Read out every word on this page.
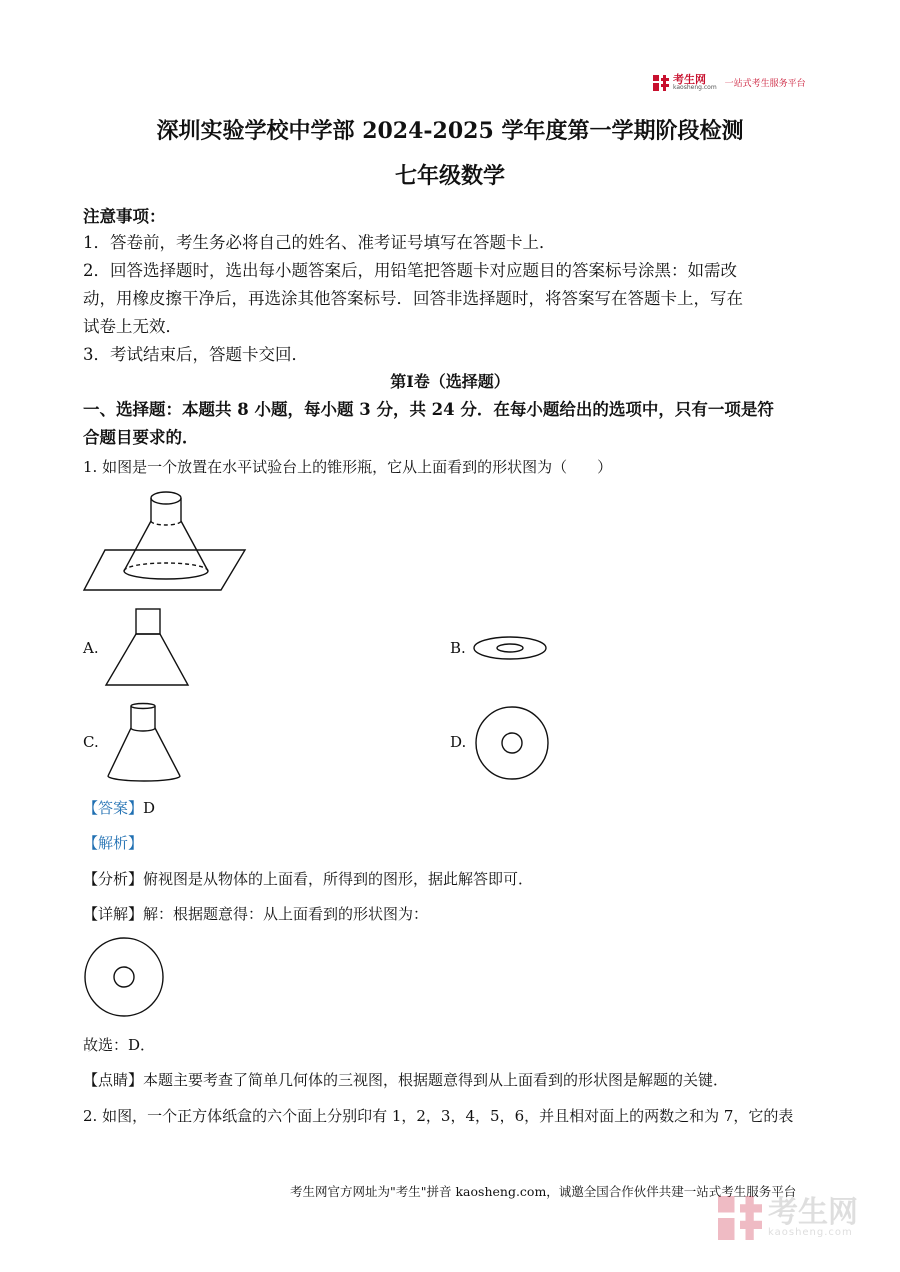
考生网
kaosheng.com 一站式考生服务平台
深圳实验学校中学部 2024-2025 学年度第一学期阶段检测
七年级数学
注意事项：
1．答卷前，考生务必将自己的姓名、准考证号填写在答题卡上．
2．回答选择题时，选出每小题答案后，用铅笔把答题卡对应题目的答案标号涂黑：如需改
动，用橡皮擦干净后，再选涂其他答案标号．回答非选择题时，将答案写在答题卡上，写在
试卷上无效．
3．考试结束后，答题卡交回．
第Ⅰ卷（选择题）
一、选择题：本题共 8 小题，每小题 3 分，共 24 分．在每小题给出的选项中，只有一项是符
合题目要求的．
1. 如图是一个放置在水平试验台上的锥形瓶，它从上面看到的形状图为（　　）
A.	B.
C.	D.
【答案】D
【解析】
【分析】俯视图是从物体的上面看，所得到的图形，据此解答即可．
【详解】解：根据题意得：从上面看到的形状图为：
故选：D．
【点睛】本题主要考查了简单几何体的三视图，根据题意得到从上面看到的形状图是解题的关键．
2. 如图，一个正方体纸盒的六个面上分别印有 1，2，3，4，5，6，并且相对面上的两数之和为 7，它的表
考生网官方网址为"考生"拼音 kaosheng.com，诚邀全国合作伙伴共建一站式考生服务平台
考生网
kaosheng.com
